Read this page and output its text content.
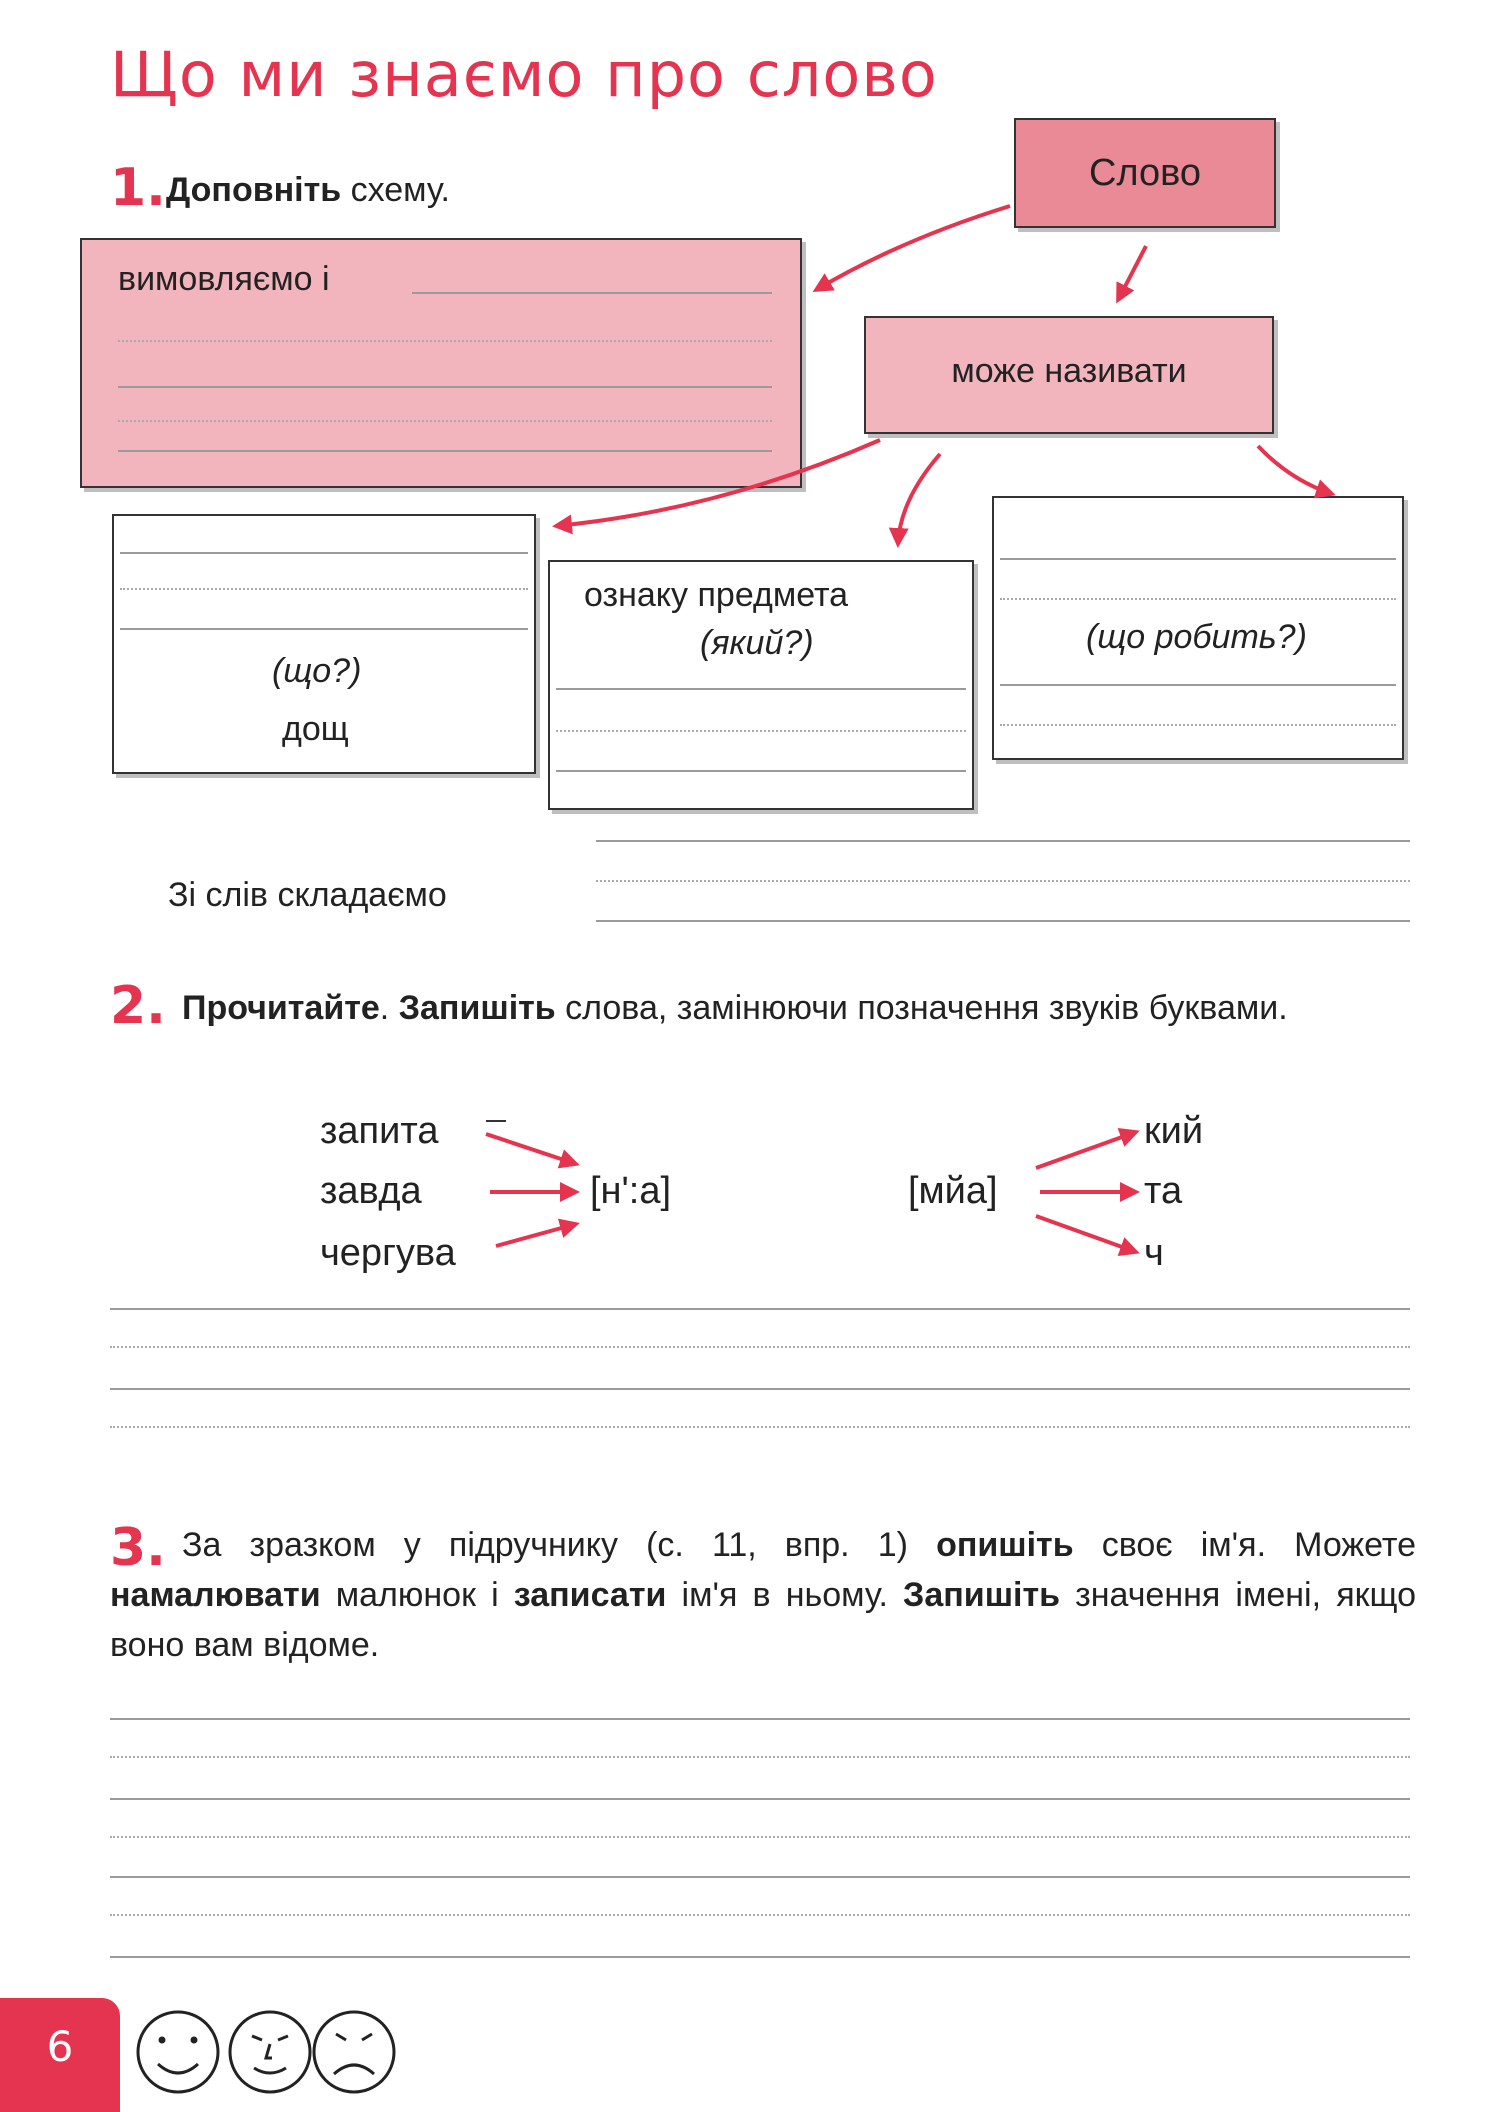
Що ми знаємо про слово
1. Доповніть схему.	Слово
вимовляємо і
може називати
(що?)
дощ
ознаку предмета
(який?)	(що робить?)
Зі слів складаємо
2. Прочитайте. Запишіть слова, замінюючи позначення звуків буквами.
запита
завда
чергува
[н':а]	[мйа]
кий
та
ч
3. За зразком у підручнику (с. 11, впр. 1) опишіть своє ім'я. Можете намалювати малюнок і записати ім'я в ньому. Запишіть значення імені, якщо воно вам відоме.
6
